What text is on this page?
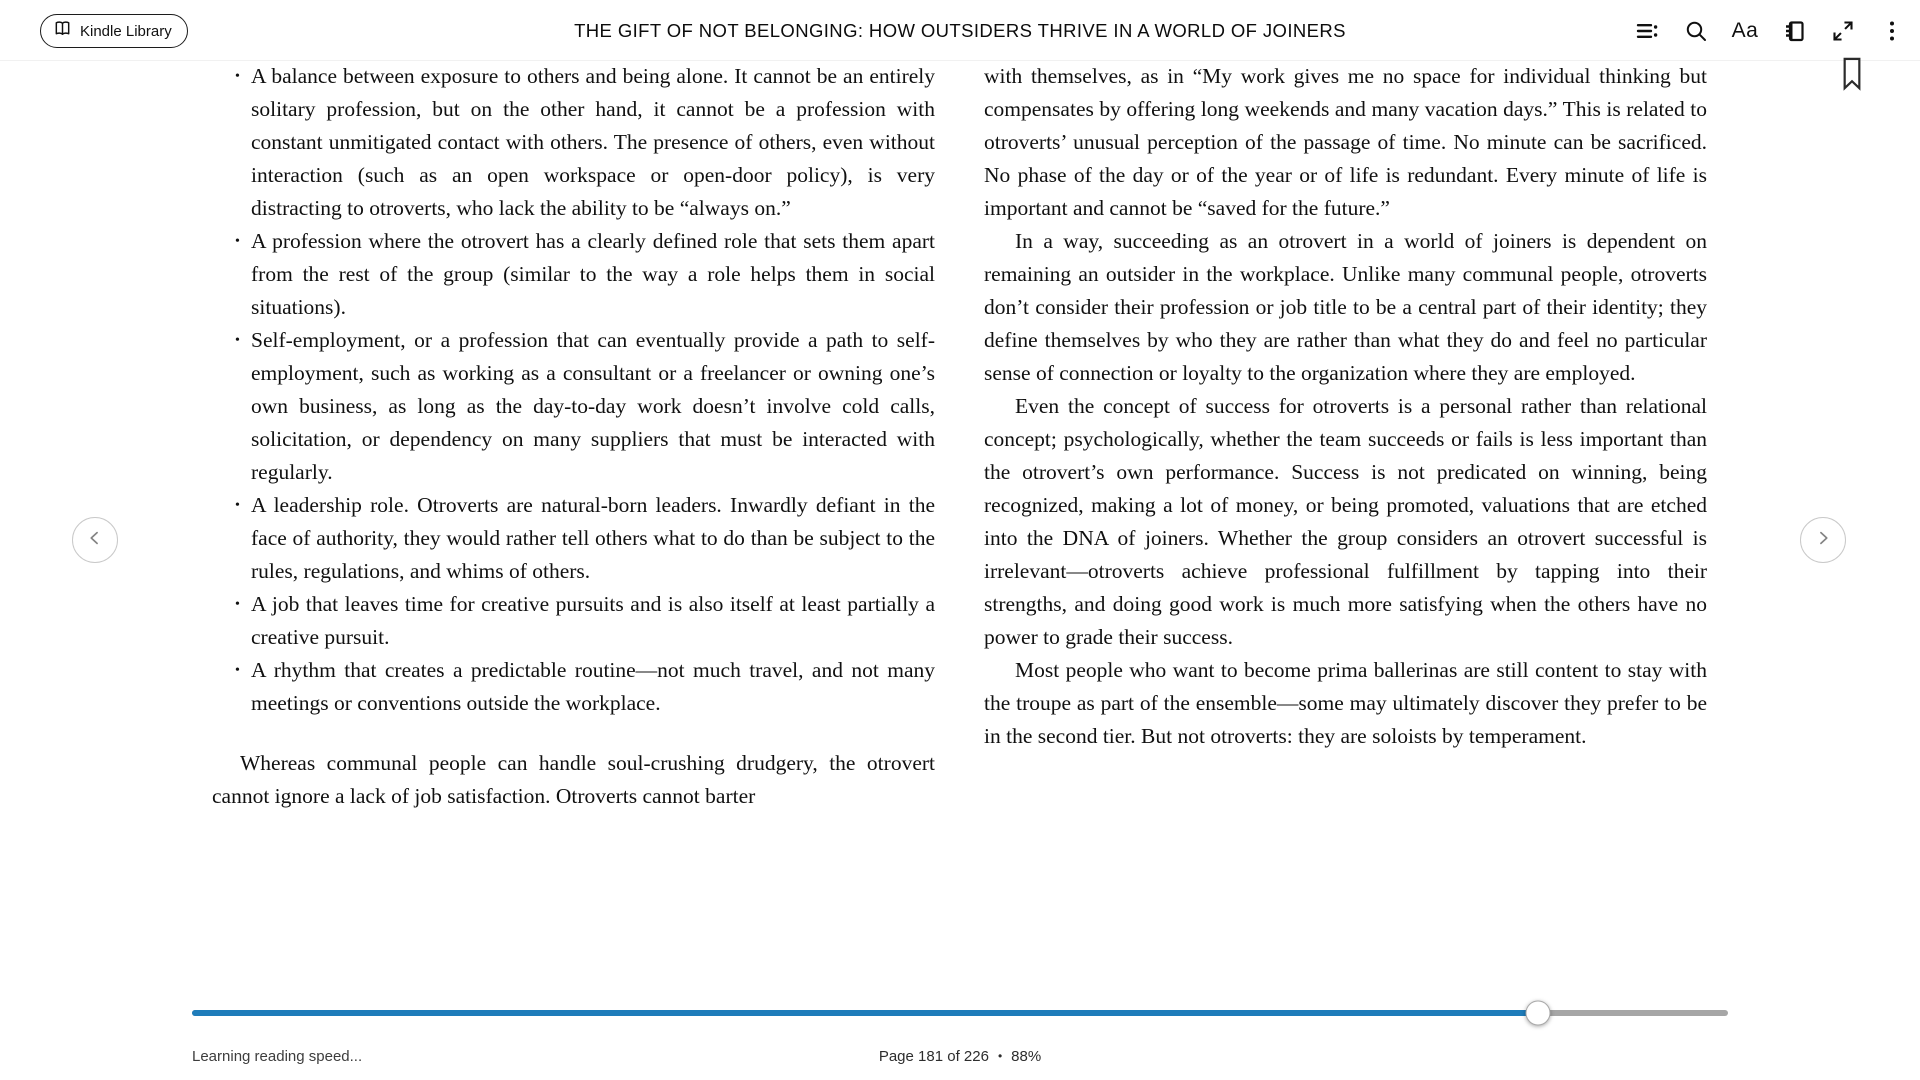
Kindle Library	THE GIFT OF NOT BELONGING: HOW OUTSIDERS THRIVE IN A WORLD OF JOINERS	Aa
• A balance between exposure to others and being alone. It cannot be an entirely solitary profession, but on the other hand, it cannot be a profession with constant unmitigated contact with others. The presence of others, even without interaction (such as an open workspace or open-door policy), is very distracting to otroverts, who lack the ability to be “always on.”
• A profession where the otrovert has a clearly defined role that sets them apart from the rest of the group (similar to the way a role helps them in social situations).
• Self-employment, or a profession that can eventually provide a path to self-employment, such as working as a consultant or a freelancer or owning one’s own business, as long as the day-to-day work doesn’t involve cold calls, solicitation, or dependency on many suppliers that must be interacted with regularly.
• A leadership role. Otroverts are natural-born leaders. Inwardly defiant in the face of authority, they would rather tell others what to do than be subject to the rules, regulations, and whims of others.
• A job that leaves time for creative pursuits and is also itself at least partially a creative pursuit.
• A rhythm that creates a predictable routine—not much travel, and not many meetings or conventions outside the workplace.

Whereas communal people can handle soul-crushing drudgery, the otrovert cannot ignore a lack of job satisfaction. Otroverts cannot barter

with themselves, as in “My work gives me no space for individual thinking but compensates by offering long weekends and many vacation days.” This is related to otroverts’ unusual perception of the passage of time. No minute can be sacrificed. No phase of the day or of the year or of life is redundant. Every minute of life is important and cannot be “saved for the future.”

In a way, succeeding as an otrovert in a world of joiners is dependent on remaining an outsider in the workplace. Unlike many communal people, otroverts don’t consider their profession or job title to be a central part of their identity; they define themselves by who they are rather than what they do and feel no particular sense of connection or loyalty to the organization where they are employed.

Even the concept of success for otroverts is a personal rather than relational concept; psychologically, whether the team succeeds or fails is less important than the otrovert’s own performance. Success is not predicated on winning, being recognized, making a lot of money, or being promoted, valuations that are etched into the DNA of joiners. Whether the group considers an otrovert successful is irrelevant—otroverts achieve professional fulfillment by tapping into their strengths, and doing good work is much more satisfying when the others have no power to grade their success.

Most people who want to become prima ballerinas are still content to stay with the troupe as part of the ensemble—some may ultimately discover they prefer to be in the second tier. But not otroverts: they are soloists by temperament.

Learning reading speed...	Page 181 of 226 • 88%
